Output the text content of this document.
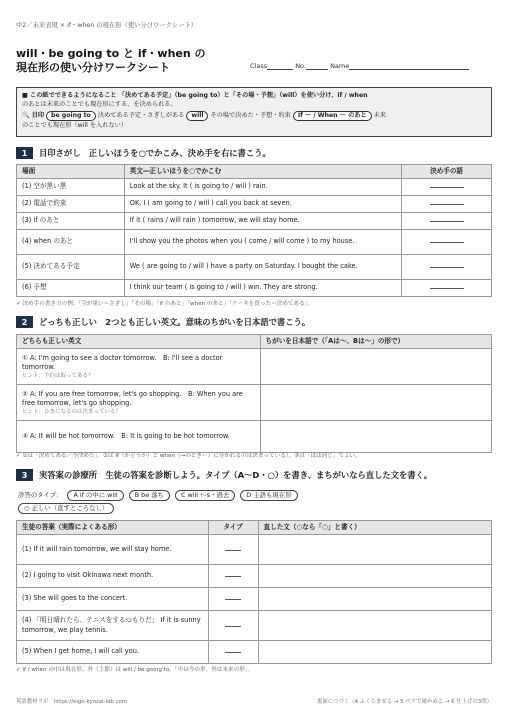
中2／未来表現 × if・when の現在形（使い分けワークシート）
will・be going to と if・when の
現在形の使い分けワークシート	Class	No.	Name
■ この紙でできるようになること 「決めてある予定」（be going to）と「その場・予想」（will）を使い分け、if / when
のあとは未来のことでも現在形にする、を決められる。
🔍 目印 be going to 決めてある予定・さぎしがある will その場で決めた・予想・約束 If ～ / When ～ のあと 未来
のことでも現在形（will を入れない）
1 目印さがし　正しいほうを○でかこみ、決め手を右に書こう。
場面	英文―正しいほうを○でかこむ	決め手の語
(1) 空が黒い黒	Look at the sky. It ( is going to / will ) rain.	
(2) 電話で約束	OK. I ( am going to / will ) call you back at seven.	
(3) if のあと	If it ( rains / will rain ) tomorrow, we will stay home.	
(4) when のあと	I'll show you the photos when you ( come / will come ) to my house.	
(5) 決めてある予定	We ( are going to / will ) have a party on Saturday. I bought the cake.	
(6) 予想	I think our team ( is going to / will ) win. They are strong.	
✓ 決め手の書き方の例：「空が黒い＝さざし」「その場」「if のあと」「when のあと」「ケーキを買った＝決めてある」。
2 どっちも正しい　2つとも正しい英文。意味のちがいを日本語で書こう。
どちらも正しい英文	ちがいを日本語で（「Aは～、Bは～」の形で）
① A: I'm going to see a doctor tomorrow.　B: I'll see a doctor tomorrow.
ヒント：予約は取ってある？	

② A: If you are free tomorrow, let's go shopping.　B: When you are free tomorrow, let's go shopping.
ヒント：ひまになるのは決まっている？	

③ A: It will be hot tomorrow.　B: It is going to be hot tomorrow.	
✓ ①は「決めてある／今決めた」。②は if（かどうか）と when（→のときー）に分かれるのは決まっている）。③は「ほぼ同じ」でよい。
3 実答案の診療所　生徒の答案を診断しよう。タイプ（A～D・○）を書き、まちがいなら直した文を書く。
診答のタイプ： A if の中に will	B be 落ち	C will＋-s・過去	D 主語も現在形
○ 正しい（直すところなし）
生徒の答案（実際によくある形）	タイプ	直した文（○なら「○」と書く）
(1) If it will rain tomorrow, we will stay home.		
(2) I going to visit Okinawa next month.		
(3) She will goes to the concert.		
(4) 「明日晴れたら、テニスをするつもりだ」 If it is sunny tomorrow, we play tennis.		
(5) When I get home, I will call you.		
✓ if / when の中は現在形、外（主節）は will / be going to。「中は今の形、外は未来の形」。
英語教材ラボ　https://eigo-kyozai-lab.com	裏面につづく（4 ふくらませる → 5 ペアで確かめる → 6 仕上げの3問）
